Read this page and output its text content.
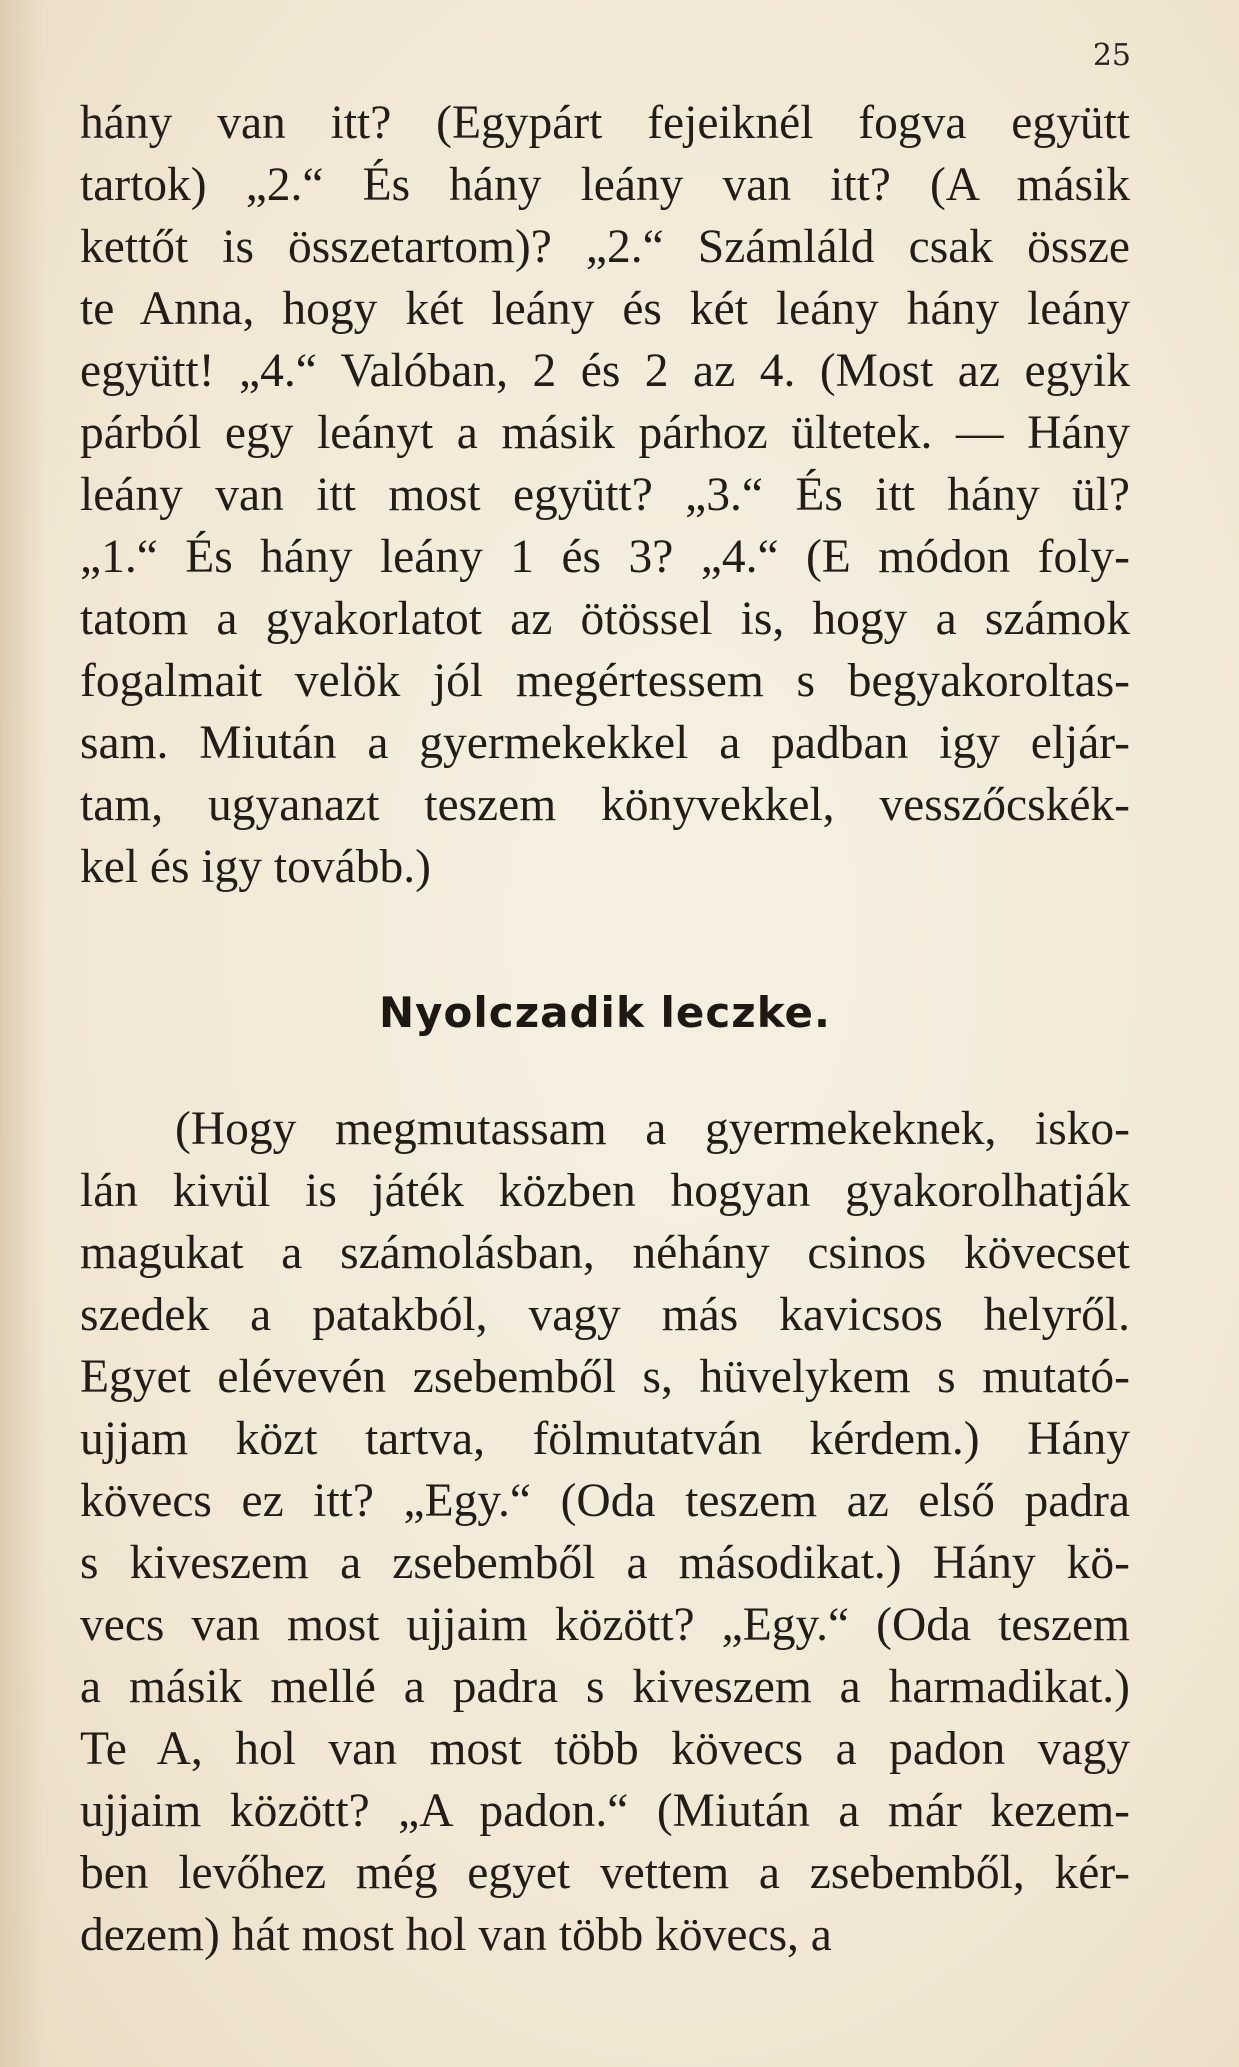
25

hány van itt? (Egypárt fejeiknél fogva együtt
tartok) „2.“ És hány leány van itt? (A másik
kettőt is összetartom)? „2.“ Számláld csak össze
te Anna, hogy két leány és két leány hány leány
együtt! „4.“ Valóban, 2 és 2 az 4. (Most az egyik
párból egy leányt a másik párhoz ültetek. — Hány
leány van itt most együtt? „3.“ És itt hány ül?
„1.“ És hány leány 1 és 3? „4.“ (E módon foly-
tatom a gyakorlatot az ötössel is, hogy a számok
fogalmait velök jól megértessem s begyakoroltas-
sam. Miután a gyermekekkel a padban igy eljár-
tam, ugyanazt teszem könyvekkel, vesszőcskék-
kel és igy tovább.)

Nyolczadik leczke.

(Hogy megmutassam a gyermekeknek, isko-
lán kivül is játék közben hogyan gyakorolhatják
magukat a számolásban, néhány csinos kövecset
szedek a patakból, vagy más kavicsos helyről.
Egyet elévevén zsebemből s, hüvelykem s mutató-
ujjam közt tartva, fölmutatván kérdem.) Hány
kövecs ez itt? „Egy.“ (Oda teszem az első padra
s kiveszem a zsebemből a másodikat.) Hány kö-
vecs van most ujjaim között? „Egy.“ (Oda teszem
a másik mellé a padra s kiveszem a harmadikat.)
Te A, hol van most több kövecs a padon vagy
ujjaim között? „A padon.“ (Miután a már kezem-
ben levőhez még egyet vettem a zsebemből, kér-
dezem) hát most hol van több kövecs, a
